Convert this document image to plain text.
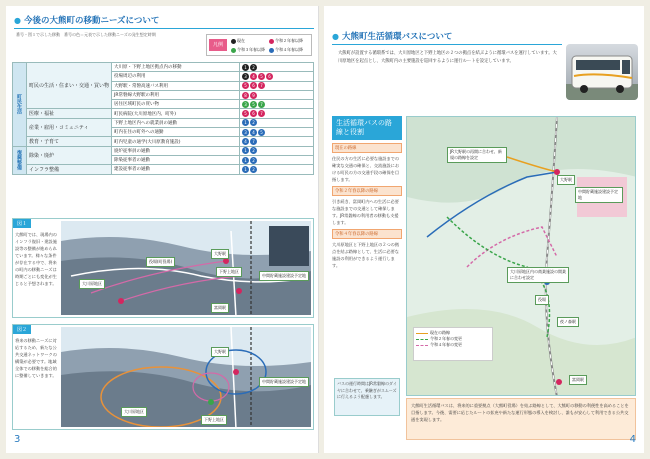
● 今後の大熊町の移動ニーズについて
番号・図１で示した移動　番号の色＝元表で示した移動ニーズの発生想定時期
凡例
現在	令和２年春以降
令和３年春以降	令和４年春以降
町民生活	町民の生活・住まい・交通・買い物	大川原・下野上地区拠点内の移動	1 2
		役場周辺の利用	3 4 5 6
		大野駅・常磐高速バス利用	5 6 7
		JR常磐線大野駅の利用	8 9
		居住区域町民の買い物	3 5 7
	医療・福祉	町民病院(大川原地区内、町外)	5 6 7
	産業・雇用・コミュニティ	下野上地区内への就業員の通勤	1 2
		町内在住の町外への通勤	3 4 5
	教育・子育て	町内児童の通学(大川原教育施設)	4 7
復興整備	除染・廃炉	廃炉従事員の通勤	1 2
		除染従事者の通勤	1 2
	インフラ整備	建設従事者の通勤	1 2
図１
大熊町では、現場内のインフラ復旧・建設施設等の整備が進められています。様々な条件が存在する中で、将来の町内の移動ニーズは時期ごとにも変化が生じると予想されます。
役場(町役場)
大野駅
下野上地区
中間貯蔵施設建設予定地
大川原地区
富岡駅
図２
将来の移動ニーズに対応するため、新たな公共交通ネットワークの構築が必要です。地域全体での移動を総合的に整備していきます。
大川原地区
中間貯蔵施設建設予定地
大野駅
下野上地区
3
● 大熊町生活循環バスについて
大熊町が設置する循環系では、大川原地区と下野上地区の２つの拠点を結ぶように循環バスを運行しています。大川原地区を起点とし、大熊町内の主要施設を巡回するように運行ルートを設定しています。
生活循環バスの路線と役割
現在の路線
住民の方の生活に必要な施設までの確実な交通の確保と、交流施設における町民の方の交通手段の確保を目指します。
令和２年春以降の路線
引き続き、富岡町内への生活に必要な施設までの交通として確保します。JR常磐線の利用者の移動も支援します。
令和４年春以降の路線
大川原地区と下野上地区の２つの拠点を結ぶ路線として、生活に必要な施設の利用ができるよう運行します。
バスの運行時間はJR常磐線のダイヤに合わせて、乗継ぎがスムーズに行えるよう配慮します。
JR大野駅の再開に合わせ、新規の路線を設定
大野駅
中間貯蔵施設建設予定地
大川原地区内の商業施設の開業に合わせ設定
役場
夜ノ森駅
富岡駅
現在の路線
令和２年春の変更
令和４年春の変更
大熊町生活循環バスは、将来的に重要拠点（大熊町役場）を結ぶ路線として、大熊町の移動の利便性を高めることを目指します。今後、需要に応じたルートの拡充や新たな運行形態の導入を検討し、誰もが安心して利用できる公共交通を実現します。
4
